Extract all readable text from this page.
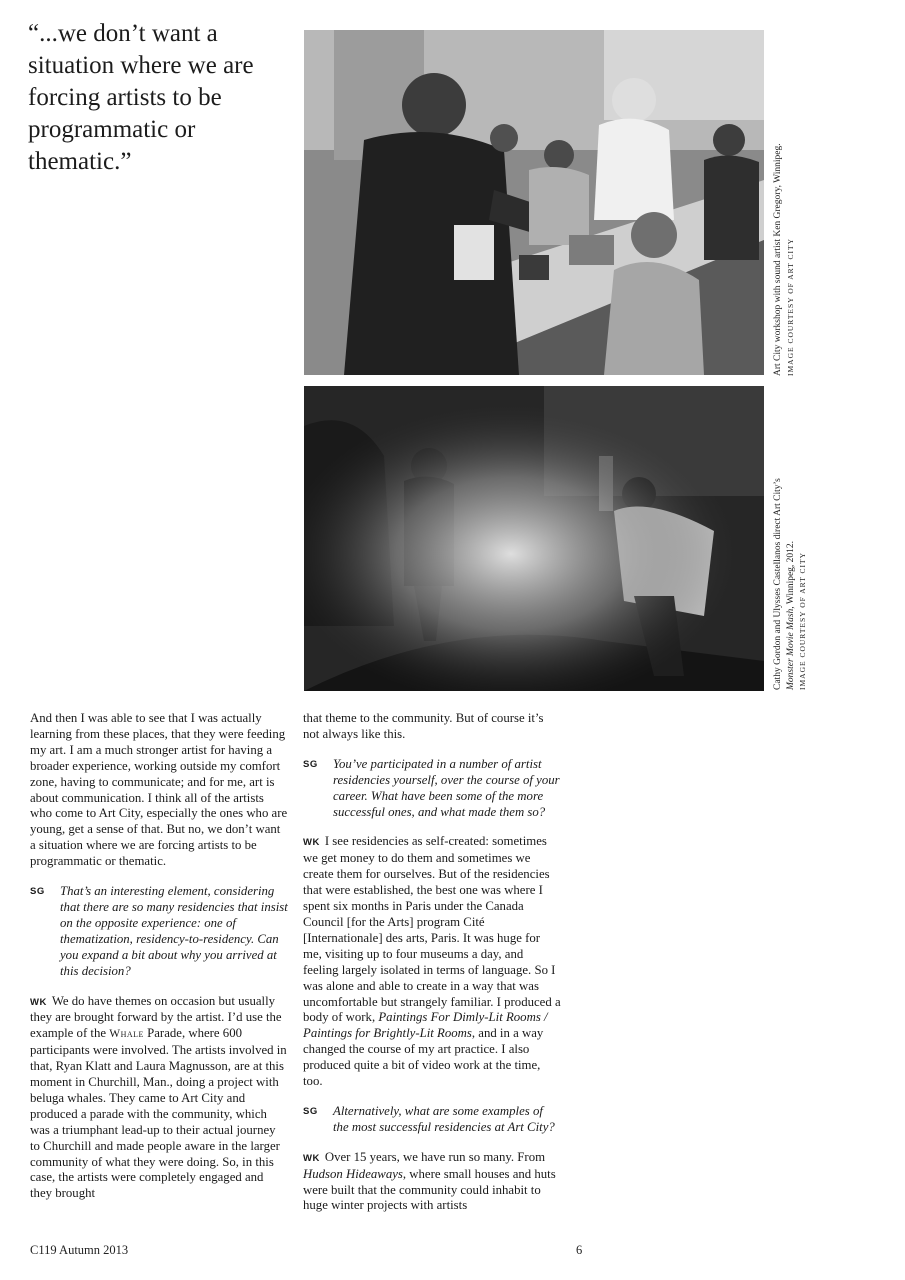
“...we don’t want a situation where we are forcing artists to be programmatic or thematic.”	Art City workshop with sound artist Ken Gregory, Winnipeg. IMAGE COURTESY OF ART CITY
Cathy Gordon and Ulysses Castellanos direct Art City’s Monster Movie Mash, Winnipeg, 2012. IMAGE COURTESY OF ART CITY

And then I was able to see that I was actually learning from these places, that they were feeding my art. I am a much stronger artist for having a broader experience, working outside my comfort zone, having to communicate; and for me, art is about communication. I think all of the artists who come to Art City, especially the ones who are young, get a sense of that. But no, we don’t want a situation where we are forcing artists to be programmatic or thematic.

SG That’s an interesting element, considering that there are so many residencies that insist on the opposite experience: one of thematization, residency-to-residency. Can you expand a bit about why you arrived at this decision?

WK We do have themes on occasion but usually they are brought forward by the artist. I’d use the example of the Whale Parade, where 600 participants were involved. The artists involved in that, Ryan Klatt and Laura Magnusson, are at this moment in Churchill, Man., doing a project with beluga whales. They came to Art City and produced a parade with the community, which was a triumphant lead-up to their actual journey to Churchill and made people aware in the larger community of what they were doing. So, in this case, the artists were completely engaged and they brought

that theme to the community. But of course it’s not always like this.

SG You’ve participated in a number of artist residencies yourself, over the course of your career. What have been some of the more successful ones, and what made them so?

WK I see residencies as self-created: sometimes we get money to do them and sometimes we create them for ourselves. But of the residencies that were established, the best one was where I spent six months in Paris under the Canada Council [for the Arts] program Cité [Internationale] des arts, Paris. It was huge for me, visiting up to four museums a day, and feeling largely isolated in terms of language. So I was alone and able to create in a way that was uncomfortable but strangely familiar. I produced a body of work, Paintings For Dimly-Lit Rooms / Paintings for Brightly-Lit Rooms, and in a way changed the course of my art practice. I also produced quite a bit of video work at the time, too.

SG Alternatively, what are some examples of the most successful residencies at Art City?

WK Over 15 years, we have run so many. From Hudson Hideaways, where small houses and huts were built that the community could inhabit to huge winter projects with artists

C119 Autumn 2013	6
